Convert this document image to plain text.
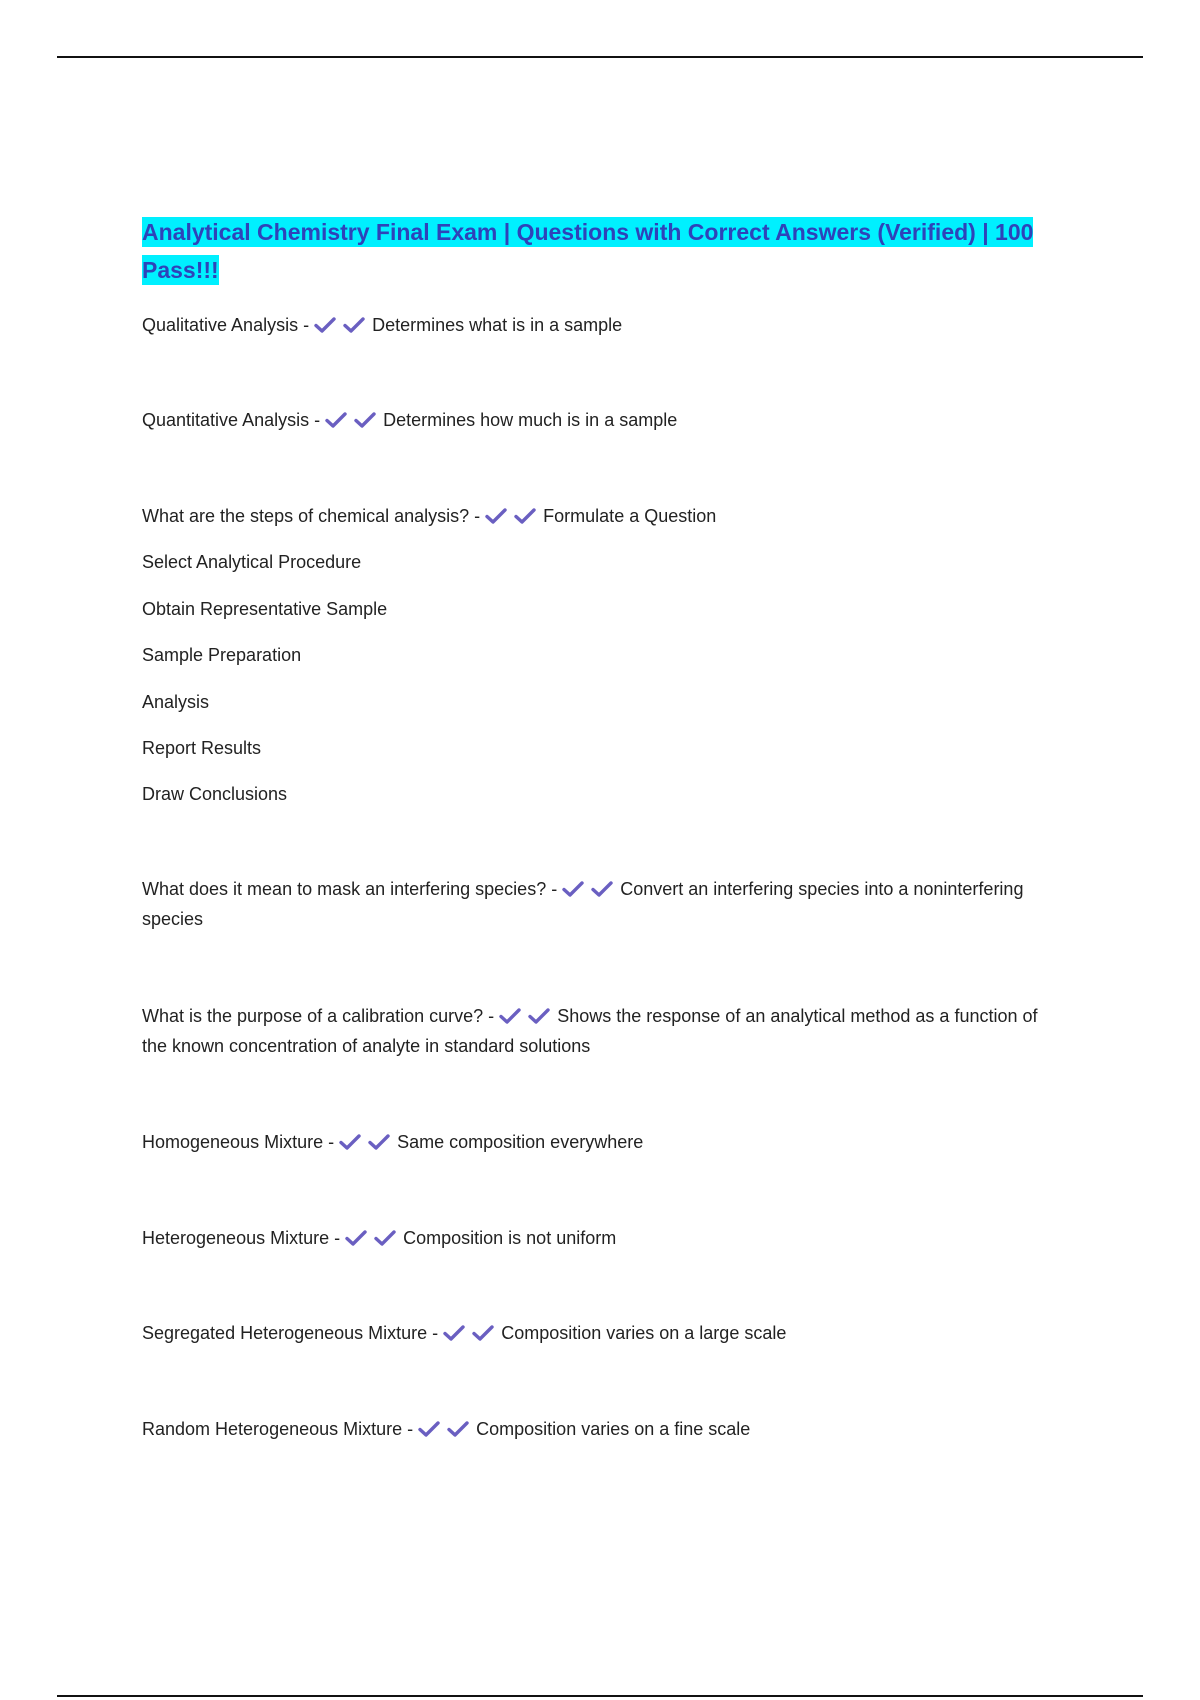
Analytical Chemistry Final Exam | Questions with Correct Answers (Verified) | 100 Pass!!!

Qualitative Analysis -	Determines what is in a sample

Quantitative Analysis -	Determines how much is in a sample

What are the steps of chemical analysis? -	Formulate a Question

Select Analytical Procedure

Obtain Representative Sample

Sample Preparation

Analysis

Report Results

Draw Conclusions

What does it mean to mask an interfering species? -	Convert an interfering species into a noninterfering species

What is the purpose of a calibration curve? -	Shows the response of an analytical method as a function of the known concentration of analyte in standard solutions

Homogeneous Mixture -	Same composition everywhere

Heterogeneous Mixture -	Composition is not uniform

Segregated Heterogeneous Mixture -	Composition varies on a large scale

Random Heterogeneous Mixture -	Composition varies on a fine scale
